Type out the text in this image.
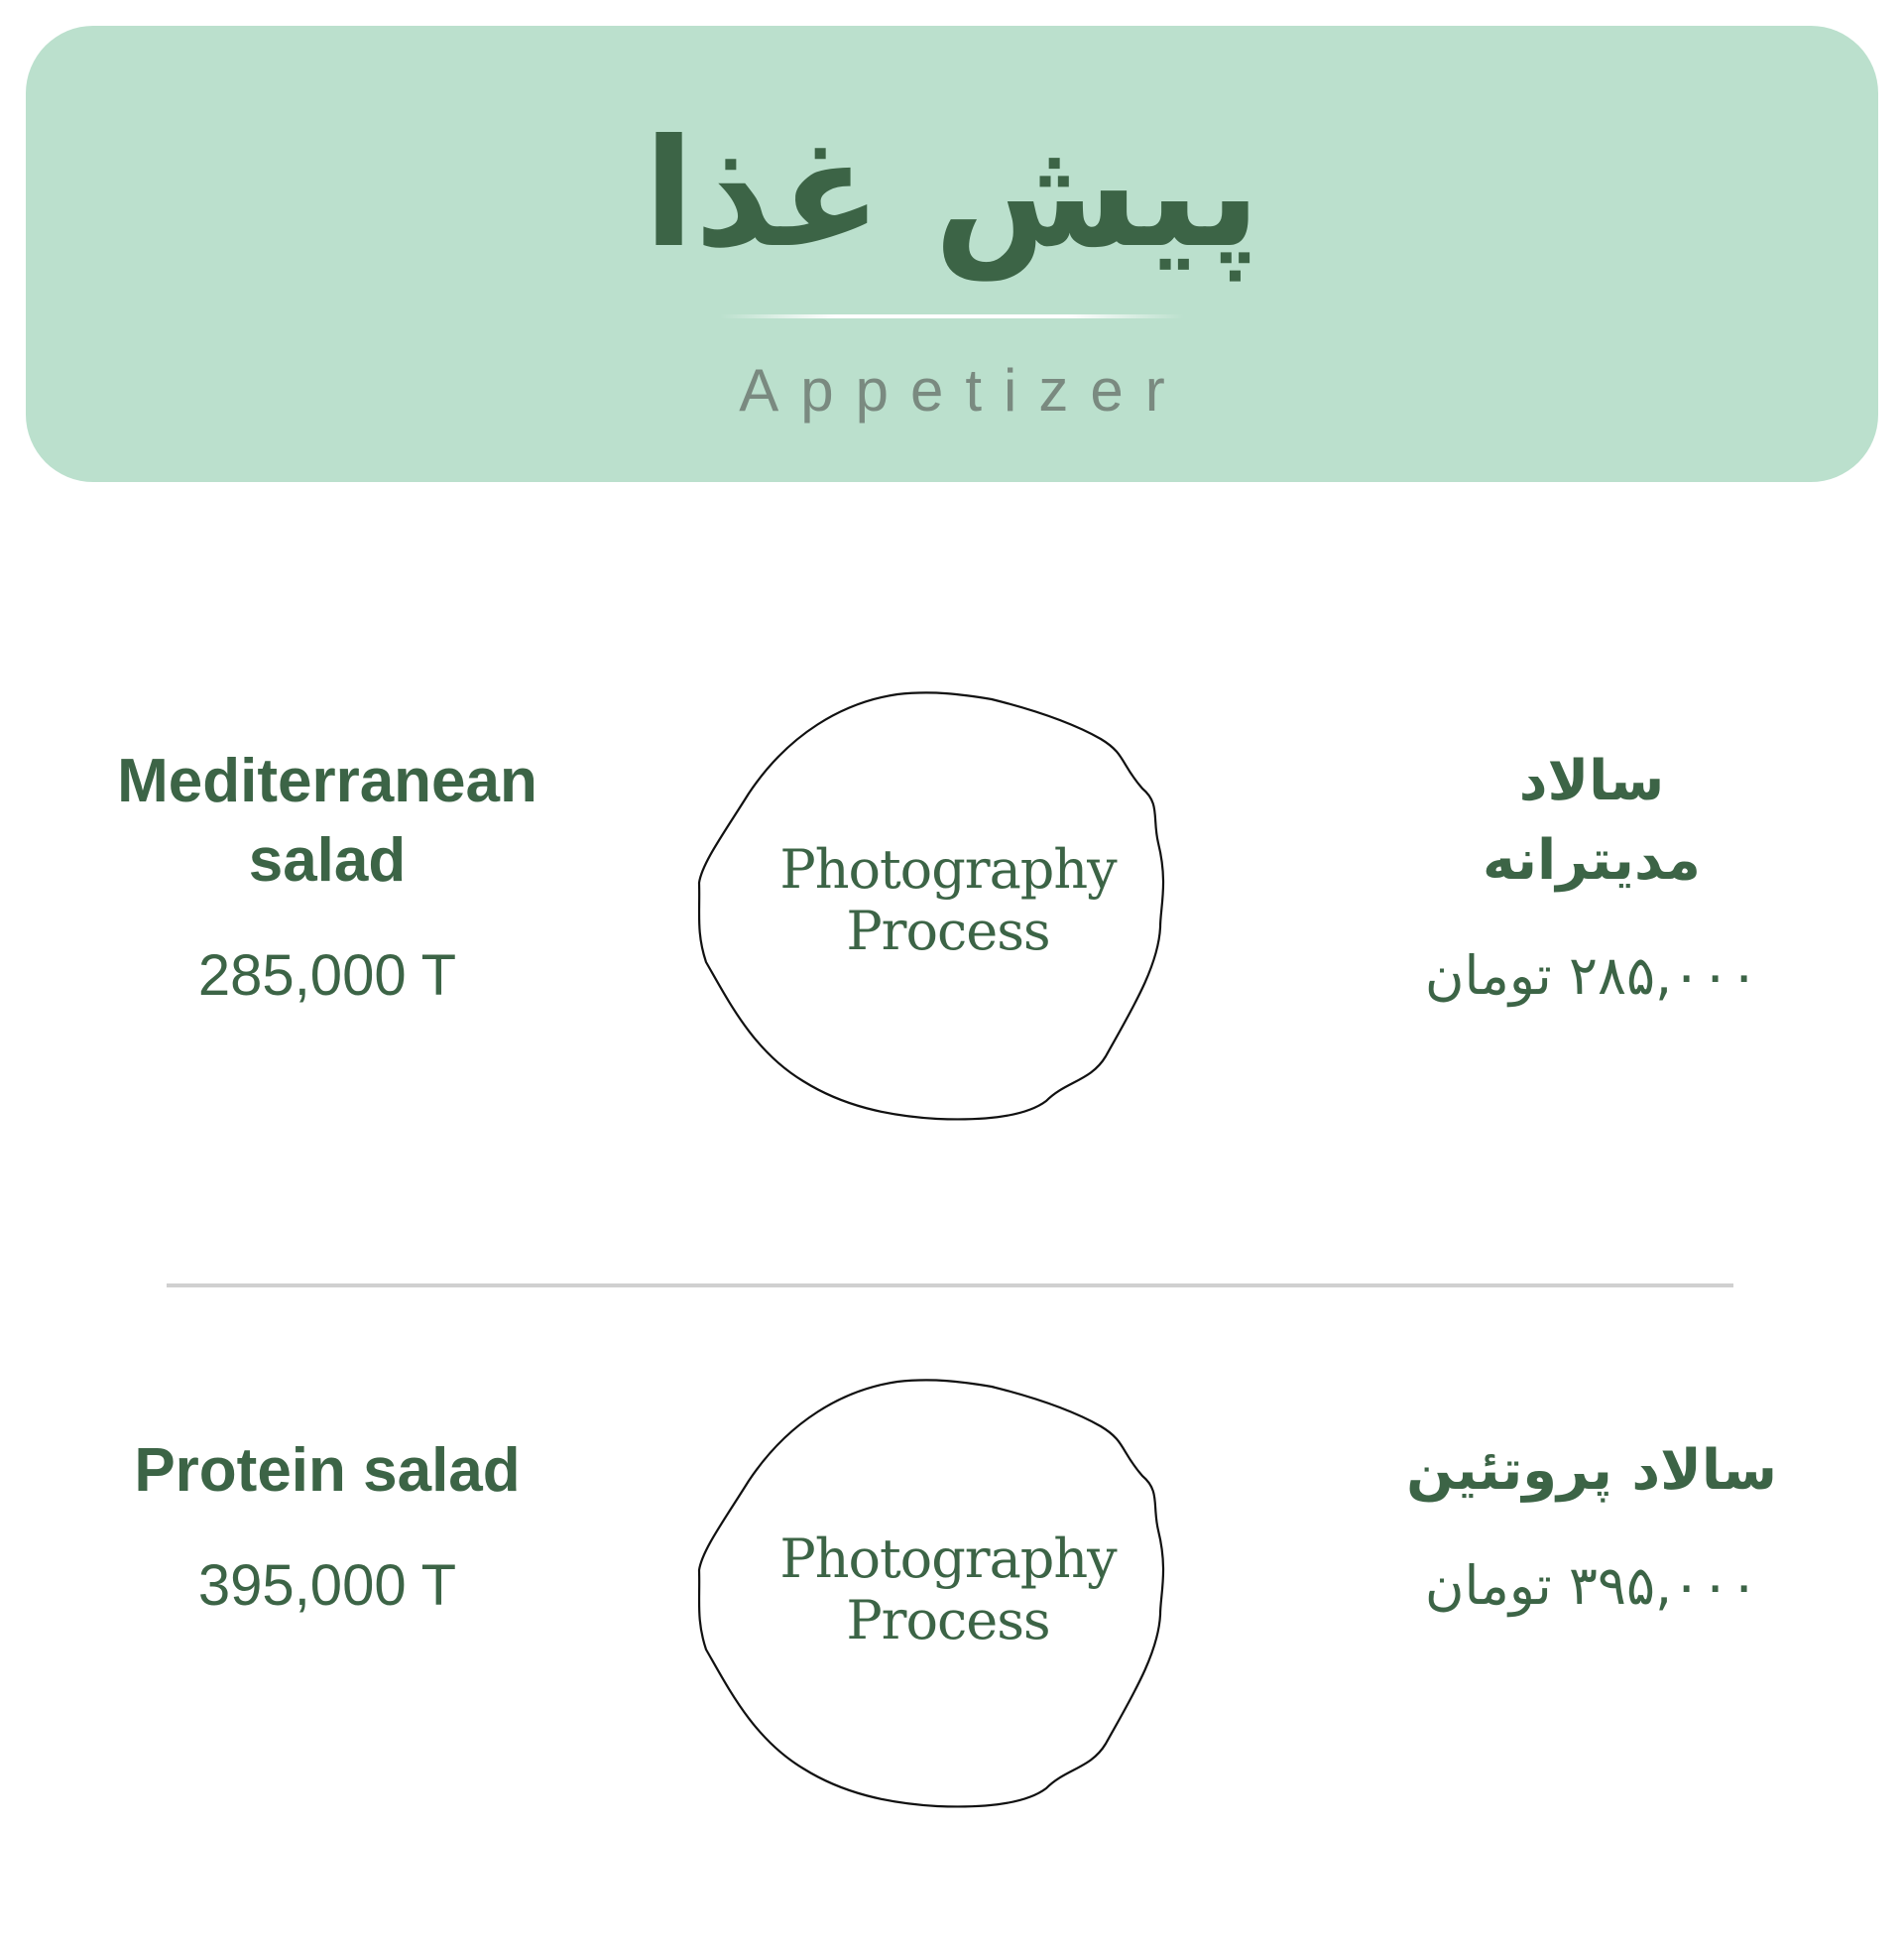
پیش غذا
Appetizer
Mediterranean
salad
285,000 T
Photography
Process
سالاد
مدیترانه
۲۸۵,۰۰۰ تومان
Protein salad
395,000 T	Photography
Process
سالاد پروتئین
۳۹۵,۰۰۰ تومان
